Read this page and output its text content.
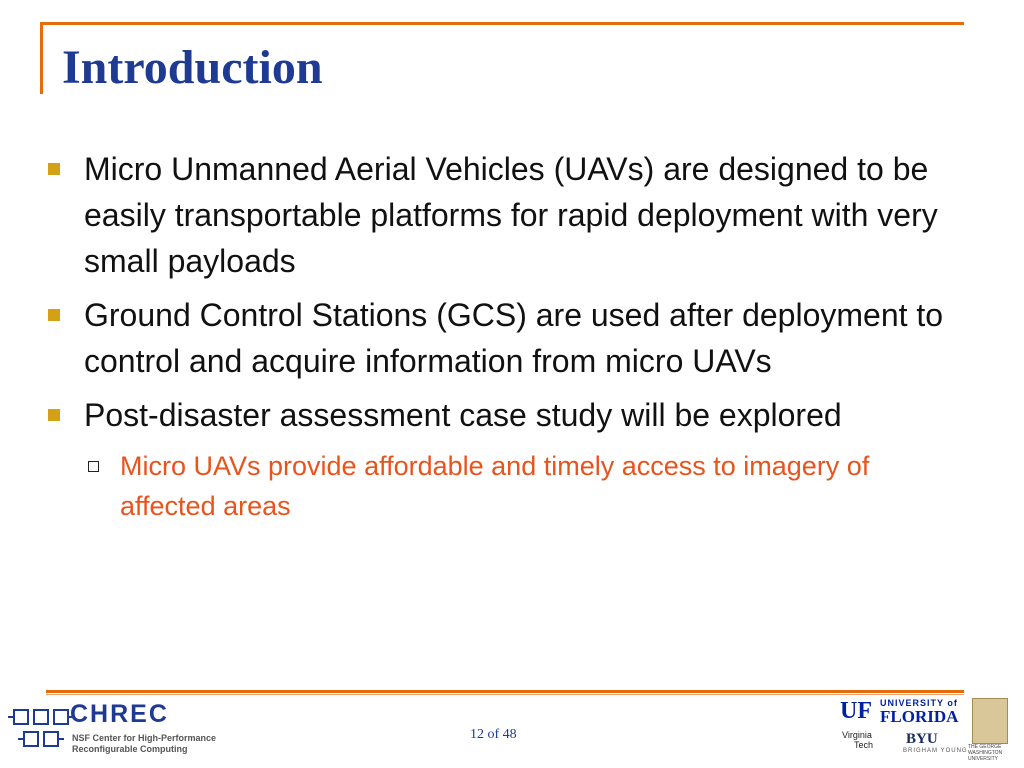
Introduction
Micro Unmanned Aerial Vehicles (UAVs) are designed to be easily transportable platforms for rapid deployment with very small payloads
Ground Control Stations (GCS) are used after deployment to control and acquire information from micro UAVs
Post-disaster assessment case study will be explored
Micro UAVs provide affordable and timely access to imagery of affected areas
CHREC
NSF Center for High-Performance
Reconfigurable Computing
12 of 48
UF UNIVERSITY of
FLORIDA
Virginia
Tech BYU
BRIGHAM YOUNG
THE GEORGE
WASHINGTON
UNIVERSITY
